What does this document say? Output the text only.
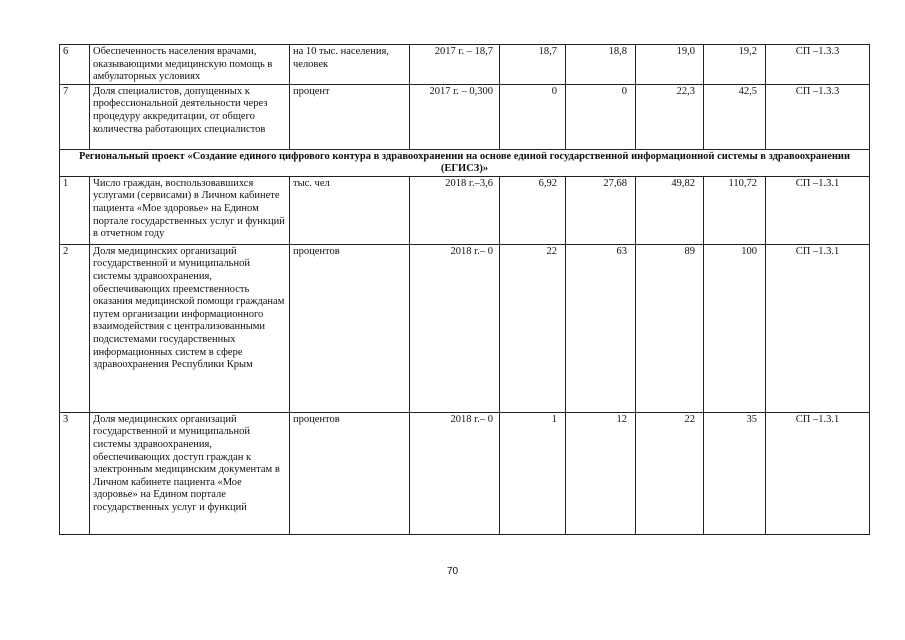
6	Обеспеченность населения врачами, оказывающими медицинскую помощь в амбулаторных условиях	на 10 тыс. населения, человек	2017 г. – 18,7	18,7	18,8	19,0	19,2	СП –1.3.3
7	Доля специалистов, допущенных к профессиональной деятельности через процедуру аккредитации, от общего количества работающих специалистов	процент	2017 г. – 0,300	0	0	22,3	42,5	СП –1.3.3
Региональный проект «Создание единого цифрового контура в здравоохранении на основе единой государственной информационной системы в здравоохранении (ЕГИСЗ)»								
1	Число граждан, воспользовавшихся услугами (сервисами) в Личном кабинете пациента «Мое здоровье» на Едином портале государственных услуг и функций в отчетном году	тыс. чел	2018 г.–3,6	6,92	27,68	49,82	110,72	СП –1.3.1
2	Доля медицинских организаций государственной и муниципальной системы здравоохранения, обеспечивающих преемственность оказания медицинской помощи гражданам путем организации информационного взаимодействия с централизованными подсистемами государственных информационных систем в сфере здравоохранения Республики Крым	процентов	2018 г.– 0	22	63	89	100	СП –1.3.1
3	Доля медицинских организаций государственной и муниципальной системы здравоохранения, обеспечивающих доступ граждан к электронным медицинским документам в Личном кабинете пациента «Мое здоровье» на Едином портале государственных услуг и функций	процентов	2018 г.– 0	1	12	22	35	СП –1.3.1
70
